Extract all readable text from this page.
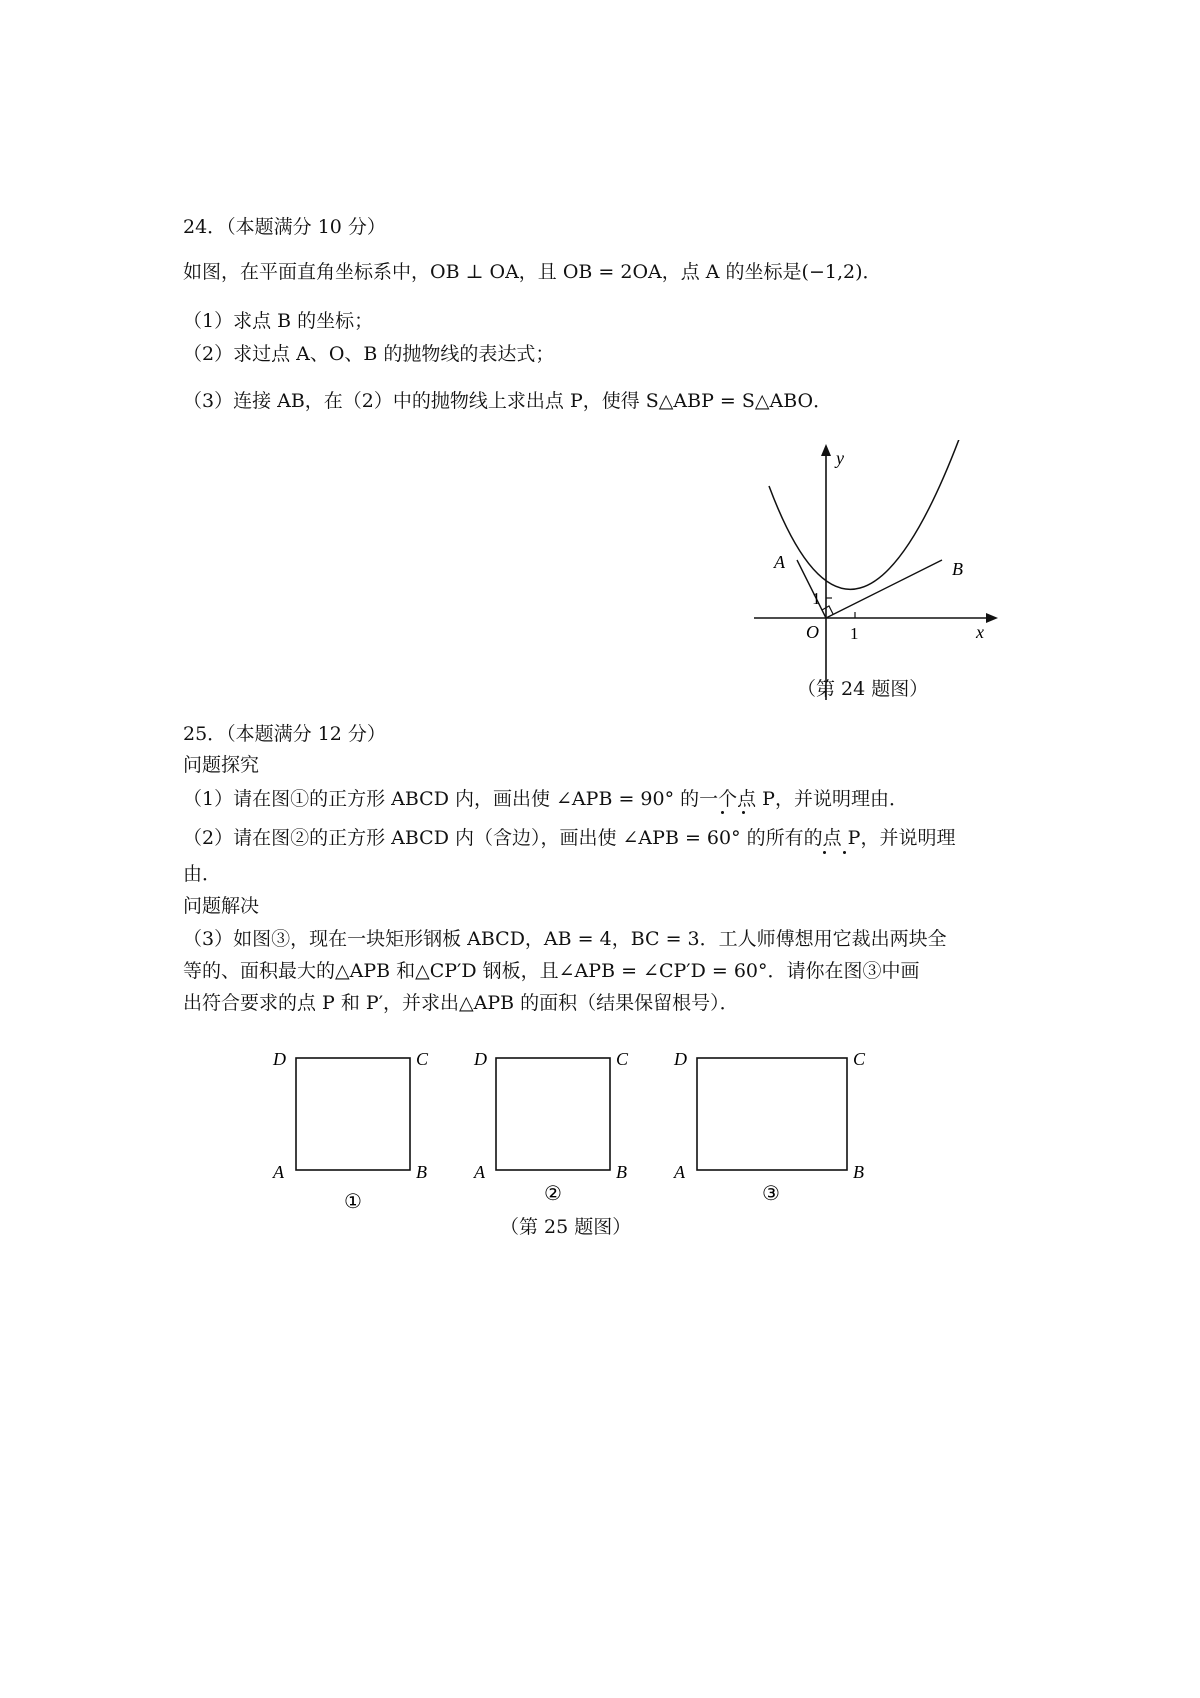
24．（本题满分 10 分）
如图，在平面直角坐标系中，OB ⊥ OA，且 OB = 2OA，点 A 的坐标是(−1,2)．
（1）求点 B 的坐标；
（2）求过点 A、O、B 的抛物线的表达式；
（3）连接 AB，在（2）中的抛物线上求出点 P，使得 S△ABP = S△ABO．
y
x
A	B
O
1
1
（第 24 题图）
25．（本题满分 12 分）
问题探究
（1）请在图①的正方形 ABCD 内，画出使 ∠APB = 90° 的一个点 P，并说明理由．
（2）请在图②的正方形 ABCD 内（含边），画出使 ∠APB = 60° 的所有的点 P，并说明理
由．
问题解决
（3）如图③，现在一块矩形钢板 ABCD，AB = 4，BC = 3．工人师傅想用它裁出两块全
等的、面积最大的△APB 和△CP′D 钢板，且∠APB = ∠CP′D = 60°．请你在图③中画
出符合要求的点 P 和 P′，并求出△APB 的面积（结果保留根号）．
D	C
A	B
①
D	C
A	B
②
D	C
A	B
③
（第 25 题图）
